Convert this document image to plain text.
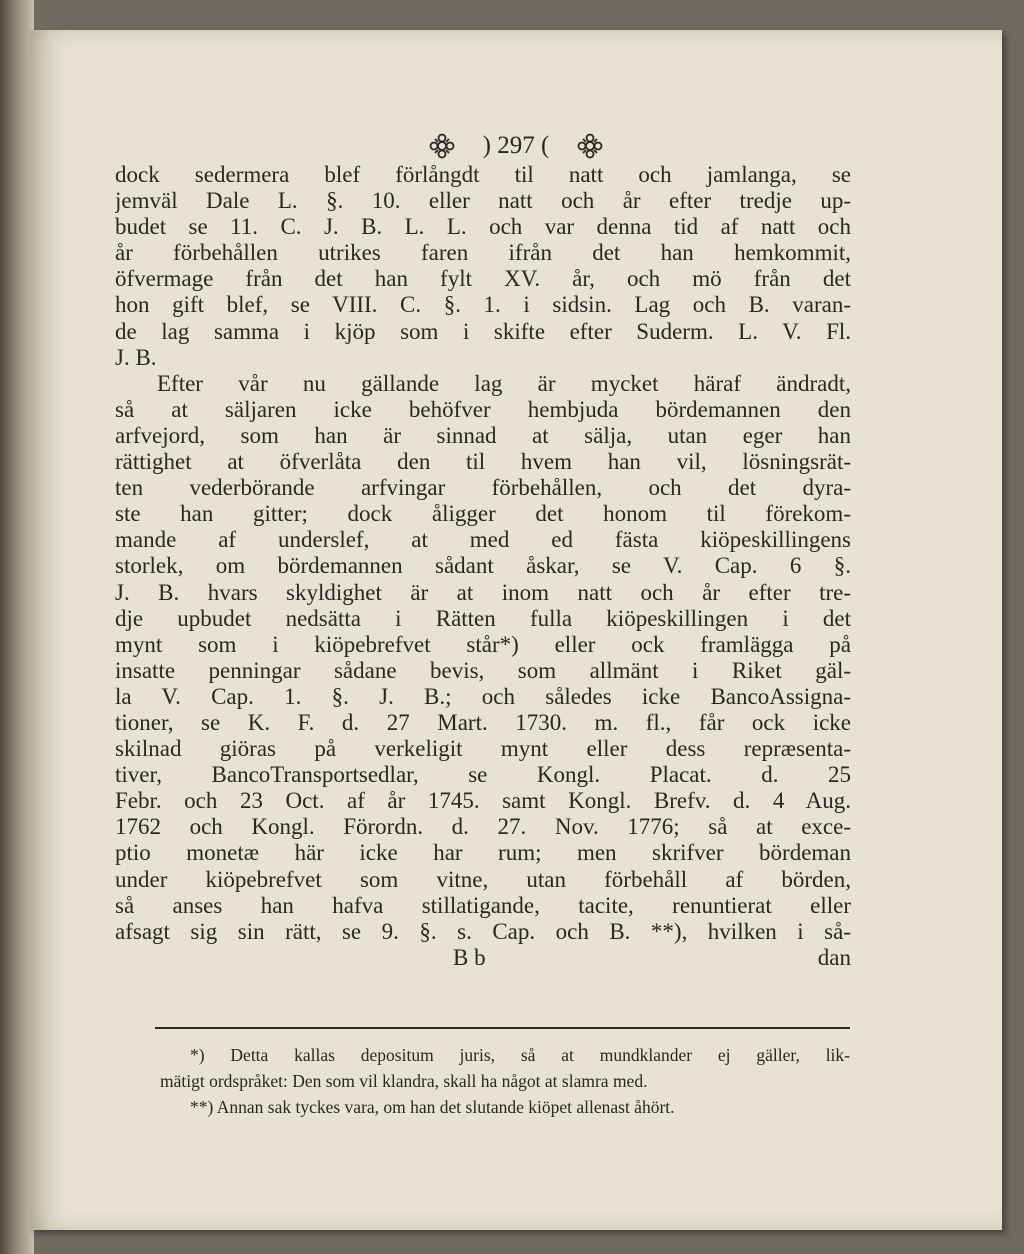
) 297 (
dock sedermera blef förlångdt til natt och jamlanga, se
jemväl Dale L. §. 10. eller natt och år efter tredje up-
budet se 11. C. J. B. L. L. och var denna tid af natt och
år förbehållen utrikes faren ifrån det han hemkommit,
öfvermage från det han fylt XV. år, och mö från det
hon gift blef, se VIII. C. §. 1. i sidsin. Lag och B. varan-
de lag samma i kjöp som i skifte efter Suderm. L. V. Fl.
J. B.
Efter vår nu gällande lag är mycket häraf ändradt,
så at säljaren icke behöfver hembjuda bördemannen den
arfvejord, som han är sinnad at sälja, utan eger han
rättighet at öfverlåta den til hvem han vil, lösningsrät-
ten vederbörande arfvingar förbehållen, och det dyra-
ste han gitter; dock åligger det honom til förekom-
mande af underslef, at med ed fästa kiöpeskillingens
storlek, om bördemannen sådant åskar, se V. Cap. 6 §.
J. B. hvars skyldighet är at inom natt och år efter tre-
dje upbudet nedsätta i Rätten fulla kiöpeskillingen i det
mynt som i kiöpebrefvet står*) eller ock framlägga på
insatte penningar sådane bevis, som allmänt i Riket gäl-
la V. Cap. 1. §. J. B.; och således icke BancoAssigna-
tioner, se K. F. d. 27 Mart. 1730. m. fl., får ock icke
skilnad giöras på verkeligit mynt eller dess repræsenta-
tiver, BancoTransportsedlar, se Kongl. Placat. d. 25
Febr. och 23 Oct. af år 1745. samt Kongl. Brefv. d. 4 Aug.
1762 och Kongl. Förordn. d. 27. Nov. 1776; så at exce-
ptio monetæ här icke har rum; men skrifver bördeman
under kiöpebrefvet som vitne, utan förbehåll af börden,
så anses han hafva stillatigande, tacite, renuntierat eller
afsagt sig sin rätt, se 9. §. s. Cap. och B. **), hvilken i så-
B b	dan
*) Detta kallas depositum juris, så at mundklander ej gäller, lik-
mätigt ordspråket: Den som vil klandra, skall ha något at slamra med.
**) Annan sak tyckes vara, om han det slutande kiöpet allenast åhört.
